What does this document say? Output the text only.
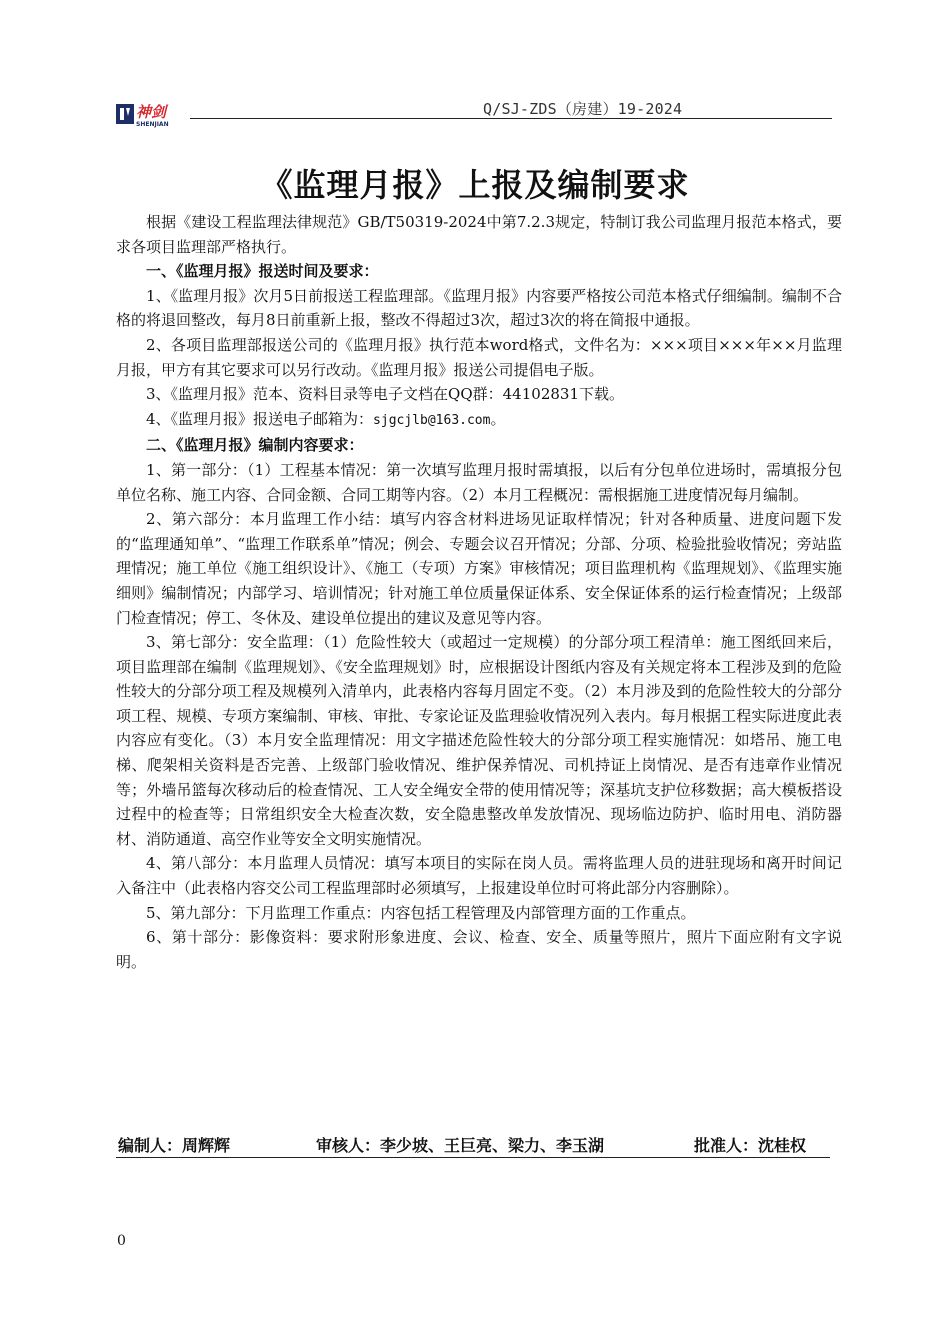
神剑
SHENJIAN
Q/SJ-ZDS（房建）19-2024
《监理月报》上报及编制要求

根据《建设工程监理法律规范》GB/T50319-2024中第7.2.3规定，特制订我公司监理月报范本格式，要求各项目监理部严格执行。

一、《监理月报》报送时间及要求：

1、《监理月报》次月5日前报送工程监理部。《监理月报》内容要严格按公司范本格式仔细编制。编制不合格的将退回整改，每月8日前重新上报，整改不得超过3次，超过3次的将在简报中通报。

2、各项目监理部报送公司的《监理月报》执行范本word格式，文件名为：×××项目×××年××月监理月报，甲方有其它要求可以另行改动。《监理月报》报送公司提倡电子版。

3、《监理月报》范本、资料目录等电子文档在QQ群：44102831下载。

4、《监理月报》报送电子邮箱为：sjgcjlb@163.com。

二、《监理月报》编制内容要求：

1、第一部分：（1）工程基本情况：第一次填写监理月报时需填报，以后有分包单位进场时，需填报分包单位名称、施工内容、合同金额、合同工期等内容。（2）本月工程概况：需根据施工进度情况每月编制。

2、第六部分：本月监理工作小结：填写内容含材料进场见证取样情况；针对各种质量、进度问题下发的“监理通知单”、“监理工作联系单”情况；例会、专题会议召开情况；分部、分项、检验批验收情况；旁站监理情况；施工单位《施工组织设计》、《施工（专项）方案》审核情况；项目监理机构《监理规划》、《监理实施细则》编制情况；内部学习、培训情况；针对施工单位质量保证体系、安全保证体系的运行检查情况；上级部门检查情况；停工、冬休及、建设单位提出的建议及意见等内容。

3、第七部分：安全监理：（1）危险性较大（或超过一定规模）的分部分项工程清单：施工图纸回来后，项目监理部在编制《监理规划》、《安全监理规划》时，应根据设计图纸内容及有关规定将本工程涉及到的危险性较大的分部分项工程及规模列入清单内，此表格内容每月固定不变。（2）本月涉及到的危险性较大的分部分项工程、规模、专项方案编制、审核、审批、专家论证及监理验收情况列入表内。每月根据工程实际进度此表内容应有变化。（3）本月安全监理情况：用文字描述危险性较大的分部分项工程实施情况：如塔吊、施工电梯、爬架相关资料是否完善、上级部门验收情况、维护保养情况、司机持证上岗情况、是否有违章作业情况等；外墙吊篮每次移动后的检查情况、工人安全绳安全带的使用情况等；深基坑支护位移数据；高大模板搭设过程中的检查等；日常组织安全大检查次数，安全隐患整改单发放情况、现场临边防护、临时用电、消防器材、消防通道、高空作业等安全文明实施情况。

4、第八部分：本月监理人员情况：填写本项目的实际在岗人员。需将监理人员的进驻现场和离开时间记入备注中（此表格内容交公司工程监理部时必须填写，上报建设单位时可将此部分内容删除）。

5、第九部分：下月监理工作重点：内容包括工程管理及内部管理方面的工作重点。

6、第十部分：影像资料：要求附形象进度、会议、检查、安全、质量等照片，照片下面应附有文字说明。

编制人：周辉辉	审核人：李少坡、王巨亮、梁力、李玉湖	批准人：沈桂权
0
